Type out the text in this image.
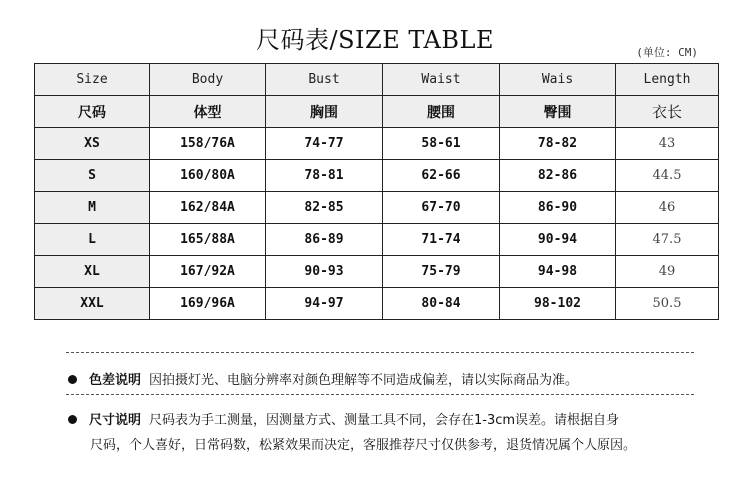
尺码表/SIZE TABLE	(单位: CM)
Size	Body	Bust	Waist	Wais	Length
尺码	体型	胸围	腰围	臀围	衣长
XS	158/76A	74-77	58-61	78-82	43
S	160/80A	78-81	62-66	82-86	44.5
M	162/84A	82-85	67-70	86-90	46
L	165/88A	86-89	71-74	90-94	47.5
XL	167/92A	90-93	75-79	94-98	49
XXL	169/96A	94-97	80-84	98-102	50.5
色差说明 因拍摄灯光、电脑分辨率对颜色理解等不同造成偏差，请以实际商品为准。
尺寸说明 尺码表为手工测量，因测量方式、测量工具不同，会存在1-3cm误差。请根据自身
尺码，个人喜好，日常码数，松紧效果而决定，客服推荐尺寸仅供参考，退货情况属个人原因。
